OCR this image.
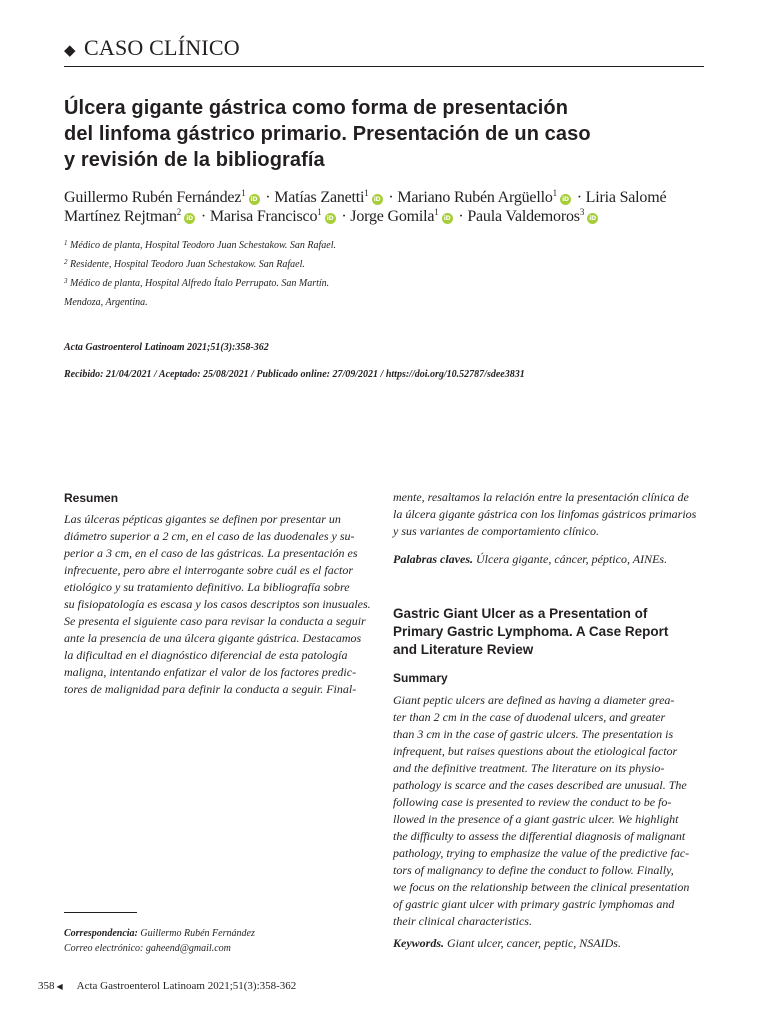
◆ CASO CLÍNICO
Úlcera gigante gástrica como forma de presentación
del linfoma gástrico primario. Presentación de un caso
y revisión de la bibliografía
Guillermo Rubén Fernández$^1$iD · Matías Zanetti$^1$iD · Mariano Rubén Argüello$^1$iD · Liria Salomé
Martínez Rejtman$^2$iD · Marisa Francisco$^1$iD · Jorge Gomila$^1$iD · Paula Valdemoros$^3$iD
$^1$ Médico de planta, Hospital Teodoro Juan Schestakow. San Rafael.
$^2$ Residente, Hospital Teodoro Juan Schestakow. San Rafael.
$^3$ Médico de planta, Hospital Alfredo Ítalo Perrupato. San Martín.
Mendoza, Argentina.
Acta Gastroenterol Latinoam 2021;51(3):358-362
Recibido: 21/04/2021 / Aceptado: 25/08/2021 / Publicado online: 27/09/2021 / https://doi.org/10.52787/sdee3831
Resumen
Las úlceras pépticas gigantes se definen por presentar un
diámetro superior a 2 cm, en el caso de las duodenales y su-
perior a 3 cm, en el caso de las gástricas. La presentación es
infrecuente, pero abre el interrogante sobre cuál es el factor
etiológico y su tratamiento definitivo. La bibliografía sobre
su fisiopatología es escasa y los casos descriptos son inusuales.
Se presenta el siguiente caso para revisar la conducta a seguir
ante la presencia de una úlcera gigante gástrica. Destacamos
la dificultad en el diagnóstico diferencial de esta patología
maligna, intentando enfatizar el valor de los factores predic-
tores de malignidad para definir la conducta a seguir. Final-
mente, resaltamos la relación entre la presentación clínica de
la úlcera gigante gástrica con los linfomas gástricos primarios
y sus variantes de comportamiento clínico.
Palabras claves. Úlcera gigante, cáncer, péptico, AINEs.
Gastric Giant Ulcer as a Presentation of
Primary Gastric Lymphoma. A Case Report
and Literature Review
Summary
Giant peptic ulcers are defined as having a diameter grea-
ter than 2 cm in the case of duodenal ulcers, and greater
than 3 cm in the case of gastric ulcers. The presentation is
infrequent, but raises questions about the etiological factor
and the definitive treatment. The literature on its physio-
pathology is scarce and the cases described are unusual. The
following case is presented to review the conduct to be fo-
llowed in the presence of a giant gastric ulcer. We highlight
the difficulty to assess the differential diagnosis of malignant
pathology, trying to emphasize the value of the predictive fac-
tors of malignancy to define the conduct to follow. Finally,
we focus on the relationship between the clinical presentation
of gastric giant ulcer with primary gastric lymphomas and
their clinical characteristics.
Keywords. Giant ulcer, cancer, peptic, NSAIDs.
Correspondencia: Guillermo Rubén Fernández
Correo electrónico: gaheend@gmail.com
358 ◀ Acta Gastroenterol Latinoam 2021;51(3):358-362
